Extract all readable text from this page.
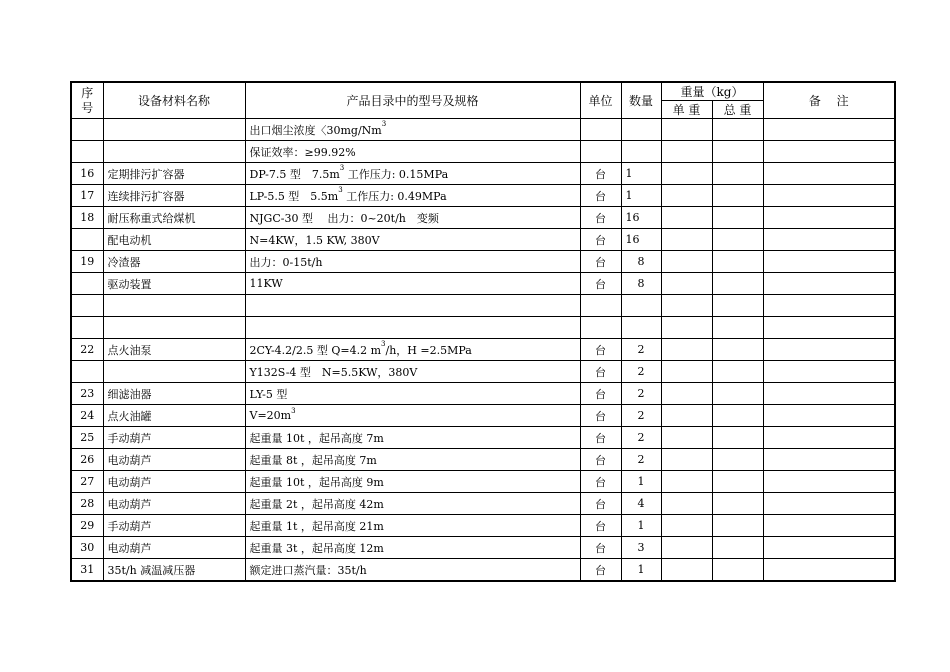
序
号	设备材料名称	产品目录中的型号及规格	单位	数量	重量（kg）		备　 注
					单 重	总 重	
		出口烟尘浓度〈30mg/Nm$^3$					
		保证效率：≥99.92%					
16	定期排污扩容器	DP-7.5 型　$7.5m^3$ 工作压力: 0.15MPa	台	1			
17	连续排污扩容器	LP-5.5 型　$5.5m^3$ 工作压力: 0.49MPa	台	1			
18	耐压称重式给煤机	NJGC-30 型　 出力：0~20t/h　变频	台	16			
	配电动机	N=4KW，1.5 KW, 380V	台	16			
19	冷渣器	出力：0-15t/h	台	8			
	驱动装置	11KW	台	8			

22	点火油泵	2CY-4.2/2.5 型 Q=4.2 $m^3/h$，H =2.5MPa	台	2			
		Y132S-4 型　N=5.5KW，380V	台	2			
23	细滤油器	LY-5 型	台	2			
24	点火油罐	$V=20m^3$	台	2			
25	手动葫芦	起重量 10t ，起吊高度 7m	台	2			
26	电动葫芦	起重量 8t ，起吊高度 7m	台	2			
27	电动葫芦	起重量 10t ，起吊高度 9m	台	1			
28	电动葫芦	起重量 2t ，起吊高度 42m	台	4			
29	手动葫芦	起重量 1t ，起吊高度 21m	台	1			
30	电动葫芦	起重量 3t ，起吊高度 12m	台	3			
31	35t/h 减温减压器	额定进口蒸汽量：35t/h	台	1			
